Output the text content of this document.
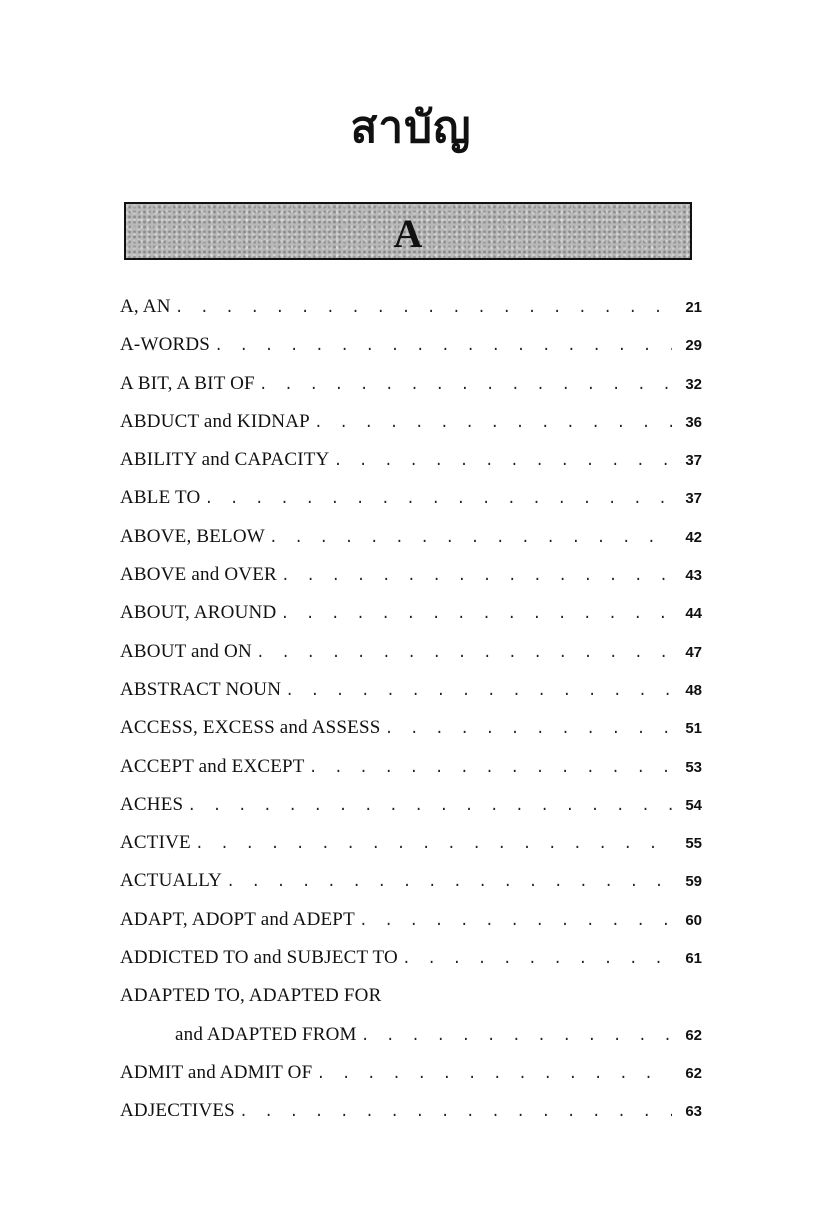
สาบัญ
A
A, AN . . .	21
A-WORDS . . .	29
A BIT, A BIT OF . . .	32
ABDUCT and KIDNAP . . .	36
ABILITY and CAPACITY . . .	37
ABLE TO . . .	37
ABOVE, BELOW . . .	42
ABOVE and OVER . . .	43
ABOUT, AROUND . . .	44
ABOUT and ON . . .	47
ABSTRACT NOUN . . .	48
ACCESS, EXCESS and ASSESS . . .	51
ACCEPT and EXCEPT . . .	53
ACHES . . .	54
ACTIVE . . .	55
ACTUALLY . . .	59
ADAPT, ADOPT and ADEPT . . .	60
ADDICTED TO and SUBJECT TO . . .	61
ADAPTED TO, ADAPTED FOR
and ADAPTED FROM . . .	62
ADMIT and ADMIT OF . . .	62
ADJECTIVES . . .	63
